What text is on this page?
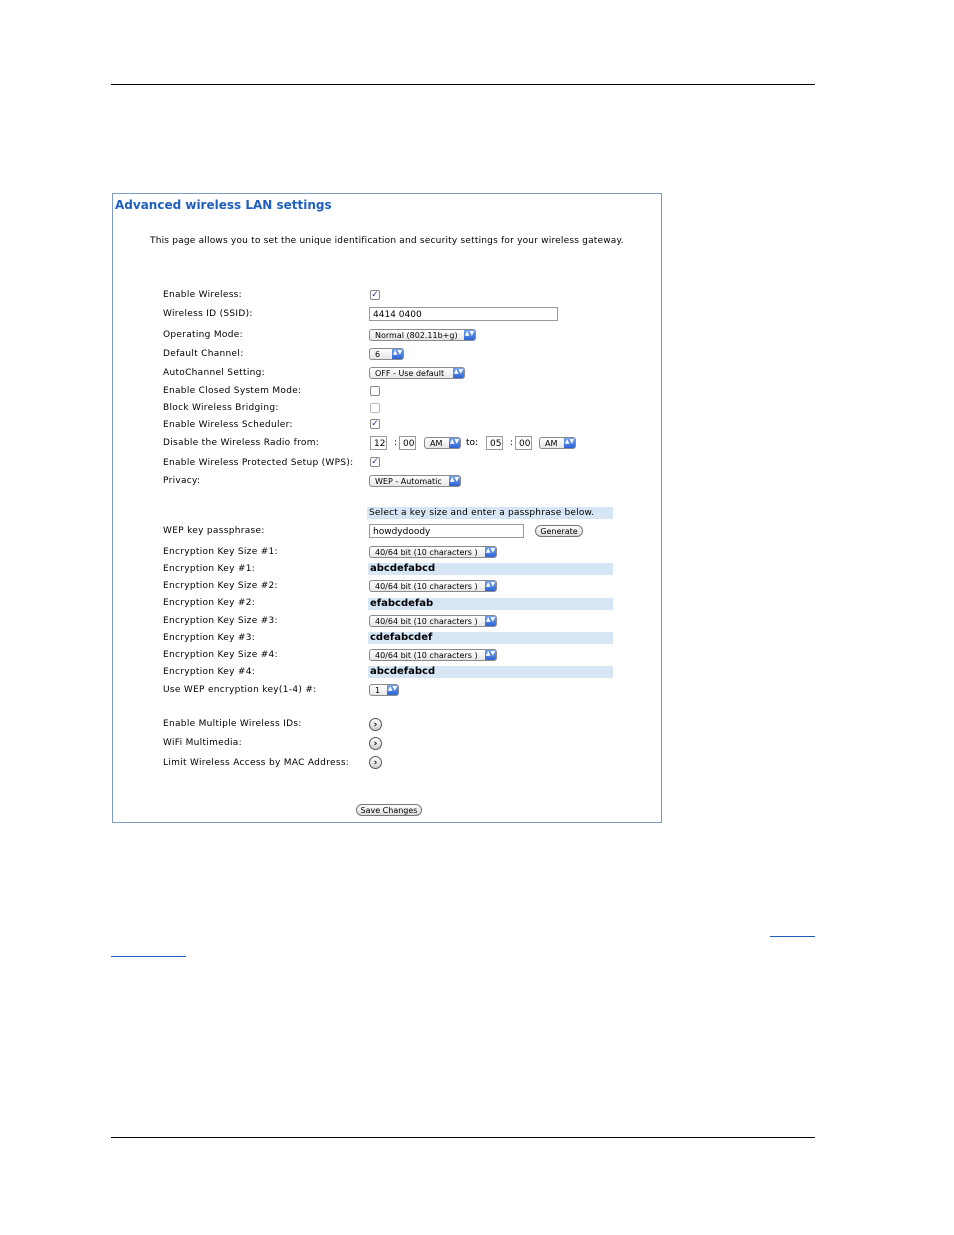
Advanced wireless LAN settings
This page allows you to set the unique identification and security settings for your wireless gateway.
Enable Wireless:	✓
Wireless ID (SSID):	4414 0400
Operating Mode:	Normal (802.11b+g) ▲▼
Default Channel:	6 ▲▼
AutoChannel Setting:	OFF - Use default ▲▼
Enable Closed System Mode:
Block Wireless Bridging:
Enable Wireless Scheduler:	✓
Disable the Wireless Radio from:	12 : 00	AM ▲▼ to:	05 : 00	AM ▲▼
Enable Wireless Protected Setup (WPS): ✓
Privacy:	WEP - Automatic ▲▼
Select a key size and enter a passphrase below.
WEP key passphrase:	howdydoody	Generate
Encryption Key Size #1:	40/64 bit (10 characters ) ▲▼
Encryption Key #1:	abcdefabcd
Encryption Key Size #2:	40/64 bit (10 characters ) ▲▼
Encryption Key #2:	efabcdefab
Encryption Key Size #3:	40/64 bit (10 characters ) ▲▼
Encryption Key #3:	cdefabcdef
Encryption Key Size #4:	40/64 bit (10 characters ) ▲▼
Encryption Key #4:	abcdefabcd
Use WEP encryption key(1-4) #:	1 ▲▼
Enable Multiple Wireless IDs:	›
WiFi Multimedia:	›
Limit Wireless Access by MAC Address:	›
Save Changes
